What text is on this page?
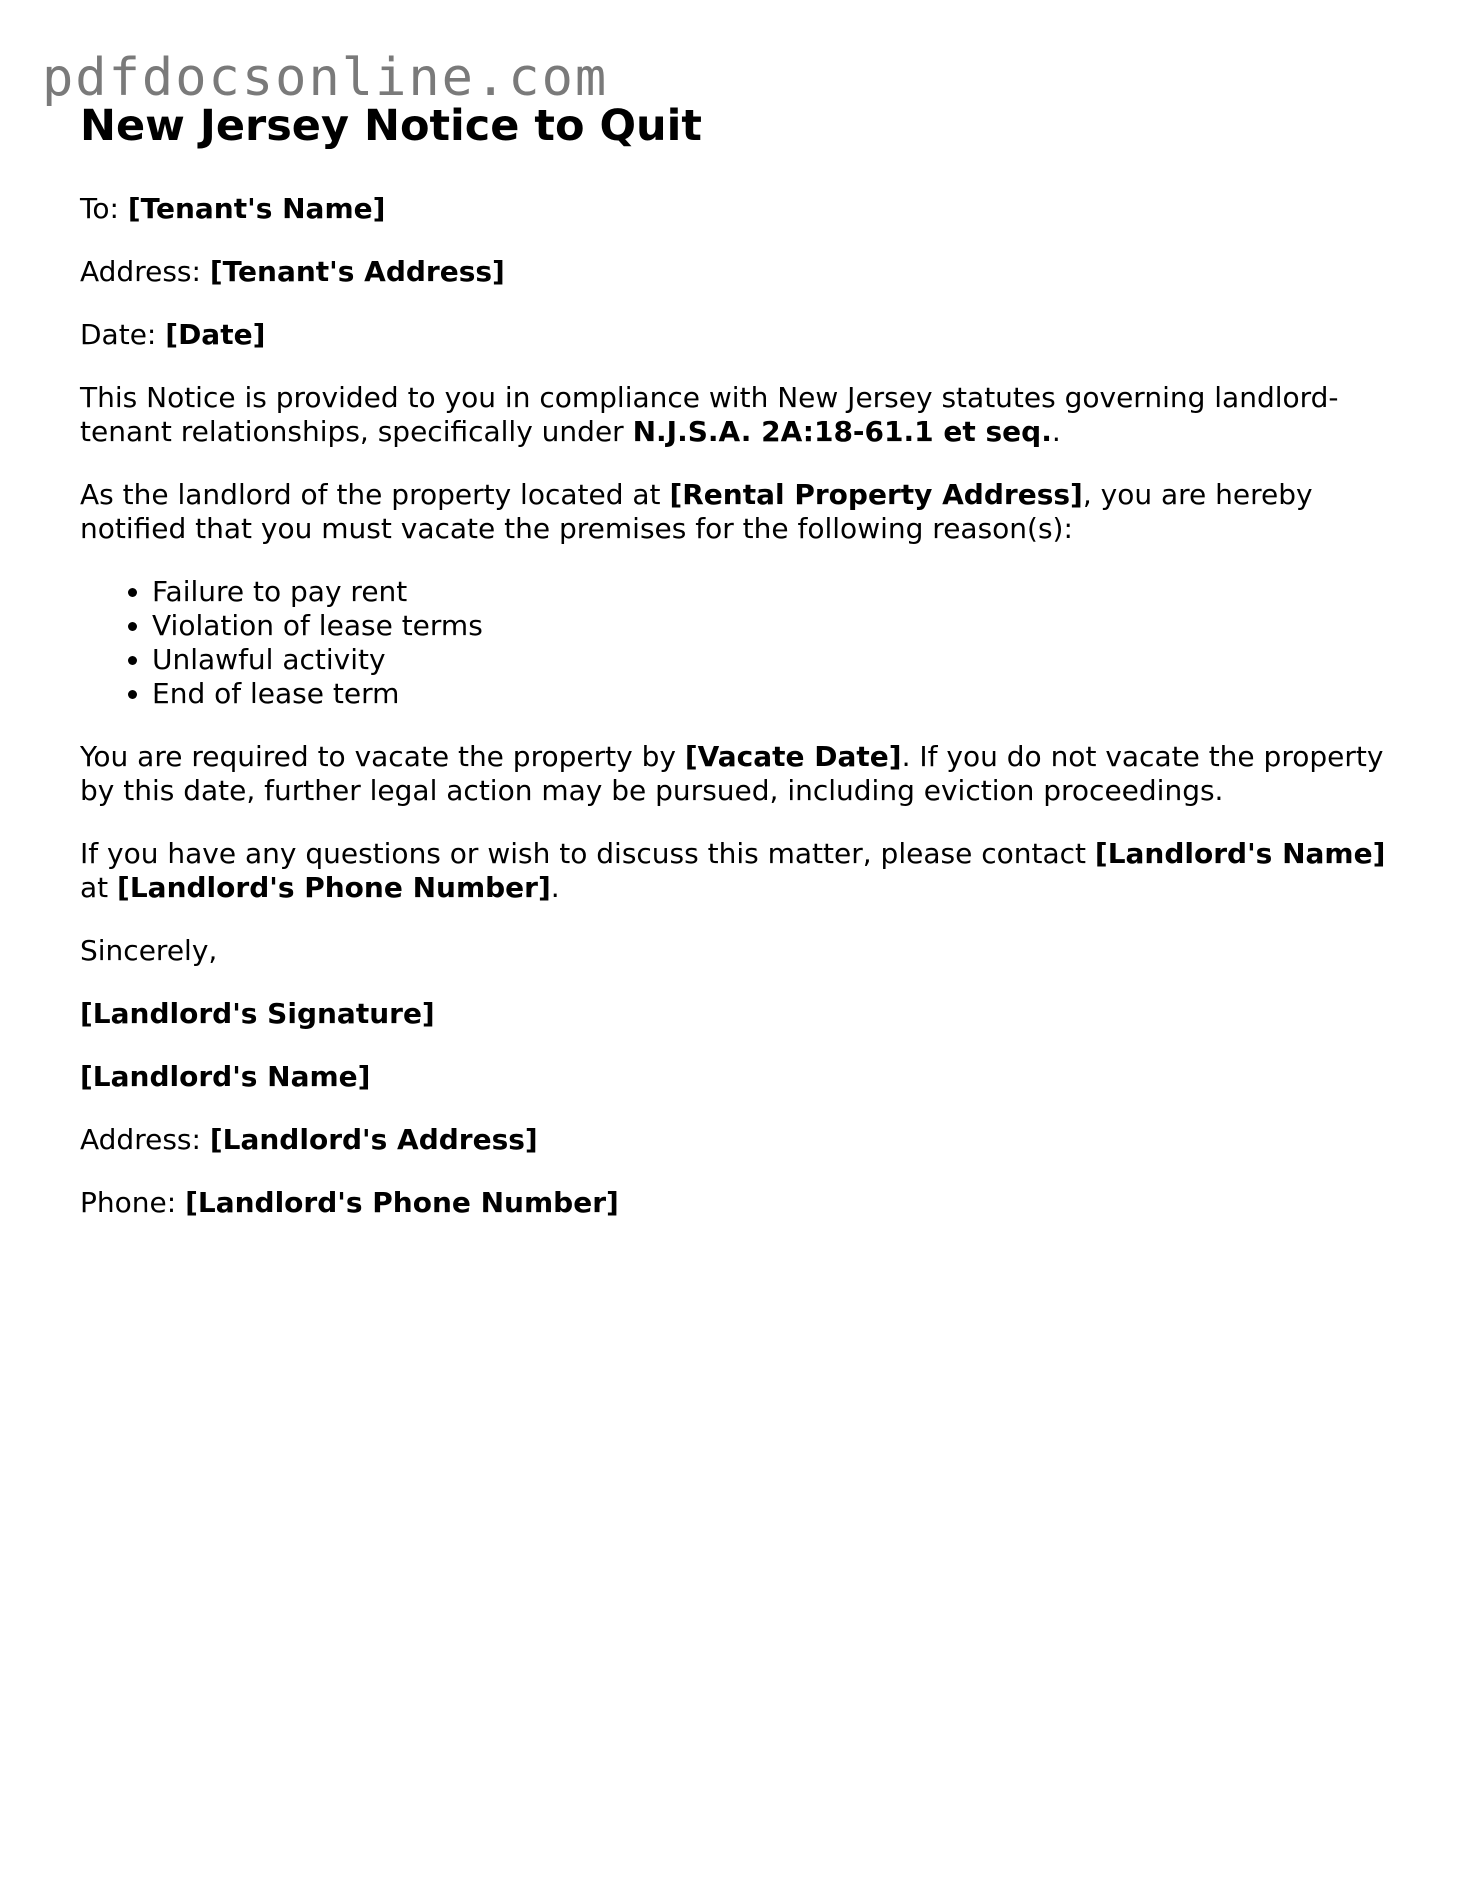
pdfdocsonline.com
New Jersey Notice to Quit

To: [Tenant's Name]

Address: [Tenant's Address]

Date: [Date]

This Notice is provided to you in compliance with New Jersey statutes governing landlord-tenant relationships, specifically under N.J.S.A. 2A:18-61.1 et seq..

As the landlord of the property located at [Rental Property Address], you are hereby notified that you must vacate the premises for the following reason(s):

• Failure to pay rent
• Violation of lease terms
• Unlawful activity
• End of lease term

You are required to vacate the property by [Vacate Date]. If you do not vacate the property by this date, further legal action may be pursued, including eviction proceedings.

If you have any questions or wish to discuss this matter, please contact [Landlord's Name] at [Landlord's Phone Number].

Sincerely,

[Landlord's Signature]

[Landlord's Name]

Address: [Landlord's Address]

Phone: [Landlord's Phone Number]
